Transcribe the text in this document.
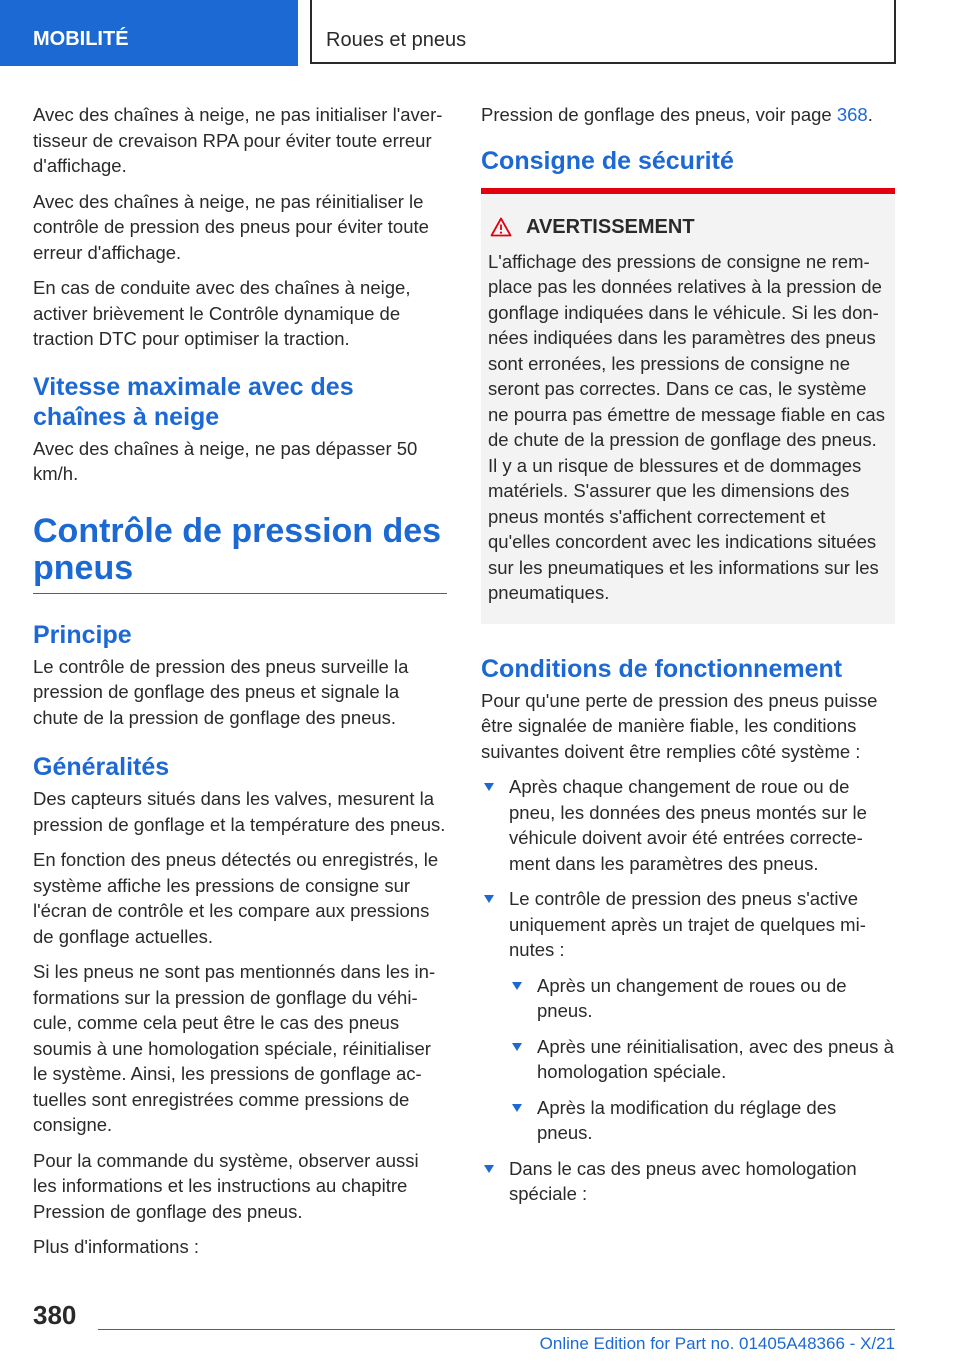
MOBILITÉ	Roues et pneus

Avec des chaînes à neige, ne pas initialiser l'avertisseur de crevaison RPA pour éviter toute erreur d'affichage.

Avec des chaînes à neige, ne pas réinitialiser le contrôle de pression des pneus pour éviter toute erreur d'affichage.

En cas de conduite avec des chaînes à neige, activer brièvement le Contrôle dynamique de traction DTC pour optimiser la traction.

Vitesse maximale avec des chaînes à neige

Avec des chaînes à neige, ne pas dépasser 50 km/h.

Contrôle de pression des pneus
Principe

Le contrôle de pression des pneus surveille la pression de gonflage des pneus et signale la chute de la pression de gonflage des pneus.

Généralités

Des capteurs situés dans les valves, mesurent la pression de gonflage et la température des pneus.

En fonction des pneus détectés ou enregistrés, le système affiche les pressions de consigne sur l'écran de contrôle et les compare aux pressions de gonflage actuelles.

Si les pneus ne sont pas mentionnés dans les informations sur la pression de gonflage du véhicule, comme cela peut être le cas des pneus soumis à une homologation spéciale, réinitialiser le système. Ainsi, les pressions de gonflage actuelles sont enregistrées comme pressions de consigne.

Pour la commande du système, observer aussi les informations et les instructions au chapitre Pression de gonflage des pneus.

Plus d'informations :

Pression de gonflage des pneus, voir page 368.

Consigne de sécurité
AVERTISSEMENT

L'affichage des pressions de consigne ne remplace pas les données relatives à la pression de gonflage indiquées dans le véhicule. Si les données indiquées dans les paramètres des pneus sont erronées, les pressions de consigne ne seront pas correctes. Dans ce cas, le système ne pourra pas émettre de message fiable en cas de chute de la pression de gonflage des pneus. Il y a un risque de blessures et de dommages matériels. S'assurer que les dimensions des pneus montés s'affichent correctement et qu'elles concordent avec les indications situées sur les pneumatiques et les informations sur les pneumatiques.

Conditions de fonctionnement

Pour qu'une perte de pression des pneus puisse être signalée de manière fiable, les conditions suivantes doivent être remplies côté système :

Après chaque changement de roue ou de pneu, les données des pneus montés sur le véhicule doivent avoir été entrées correctement dans les paramètres des pneus.
Le contrôle de pression des pneus s'active uniquement après un trajet de quelques minutes :
Après un changement de roues ou de pneus.
Après une réinitialisation, avec des pneus à homologation spéciale.
Après la modification du réglage des pneus.
Dans le cas des pneus avec homologation spéciale :
380
Online Edition for Part no. 01405A48366 - X/21
